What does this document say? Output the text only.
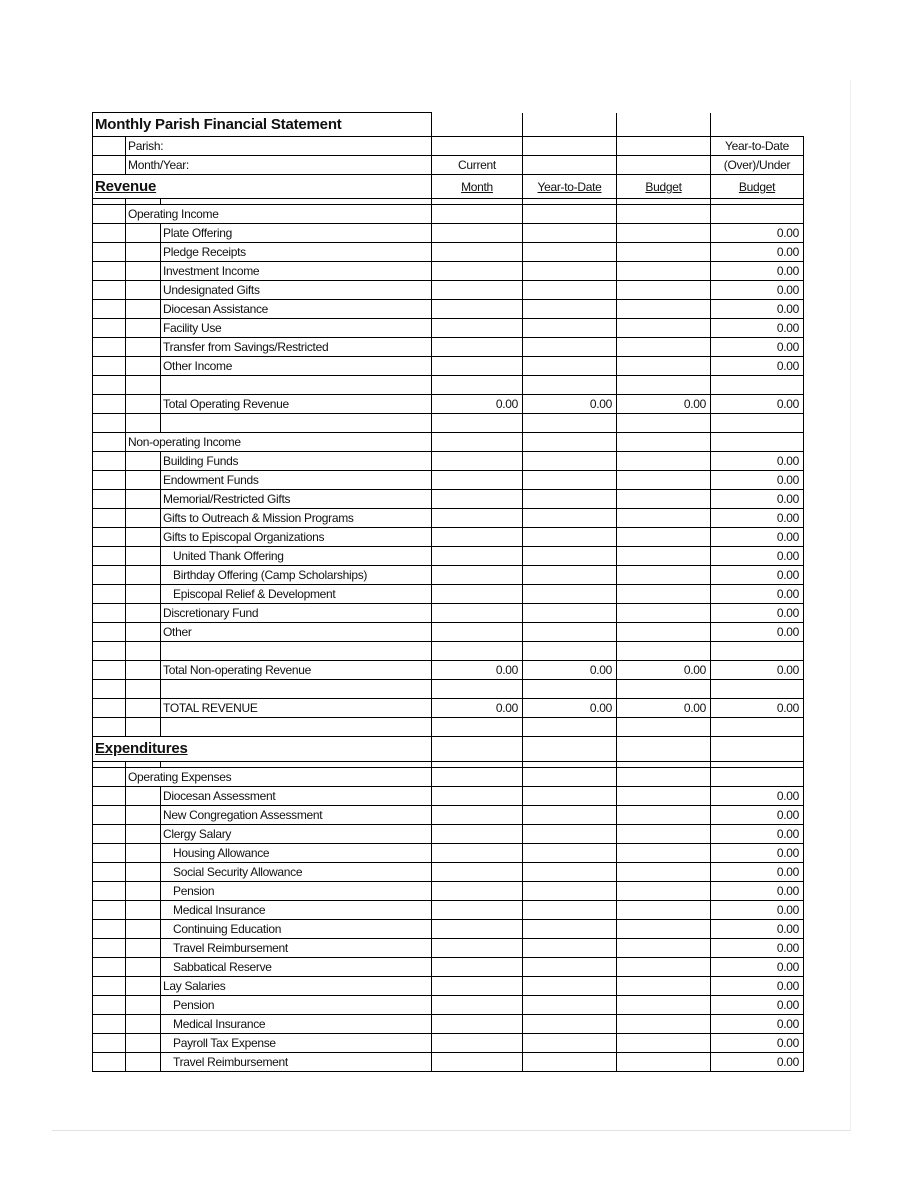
Monthly Parish Financial Statement						
	Parish:					Year-to-Date
	Month/Year:		Current			(Over)/Under
Revenue			Month	Year-to-Date	Budget	Budget

	Operating Income					
		Plate Offering				0.00
		Pledge Receipts				0.00
		Investment Income				0.00
		Undesignated Gifts				0.00
		Diocesan Assistance				0.00
		Facility Use				0.00
		Transfer from Savings/Restricted				0.00
		Other Income				0.00

		Total Operating Revenue	0.00	0.00	0.00	0.00

	Non-operating Income					
		Building Funds				0.00
		Endowment Funds				0.00
		Memorial/Restricted Gifts				0.00
		Gifts to Outreach & Mission Programs				0.00
		Gifts to Episcopal Organizations				0.00
		United Thank Offering				0.00
		Birthday Offering (Camp Scholarships)				0.00
		Episcopal Relief & Development				0.00
		Discretionary Fund				0.00
		Other				0.00

		Total Non-operating Revenue	0.00	0.00	0.00	0.00

		TOTAL REVENUE	0.00	0.00	0.00	0.00

Expenditures						

	Operating Expenses					
		Diocesan Assessment				0.00
		New Congregation Assessment				0.00
		Clergy Salary				0.00
		Housing Allowance				0.00
		Social Security Allowance				0.00
		Pension				0.00
		Medical Insurance				0.00
		Continuing Education				0.00
		Travel Reimbursement				0.00
		Sabbatical Reserve				0.00
		Lay Salaries				0.00
		Pension				0.00
		Medical Insurance				0.00
		Payroll Tax Expense				0.00
		Travel Reimbursement				0.00
